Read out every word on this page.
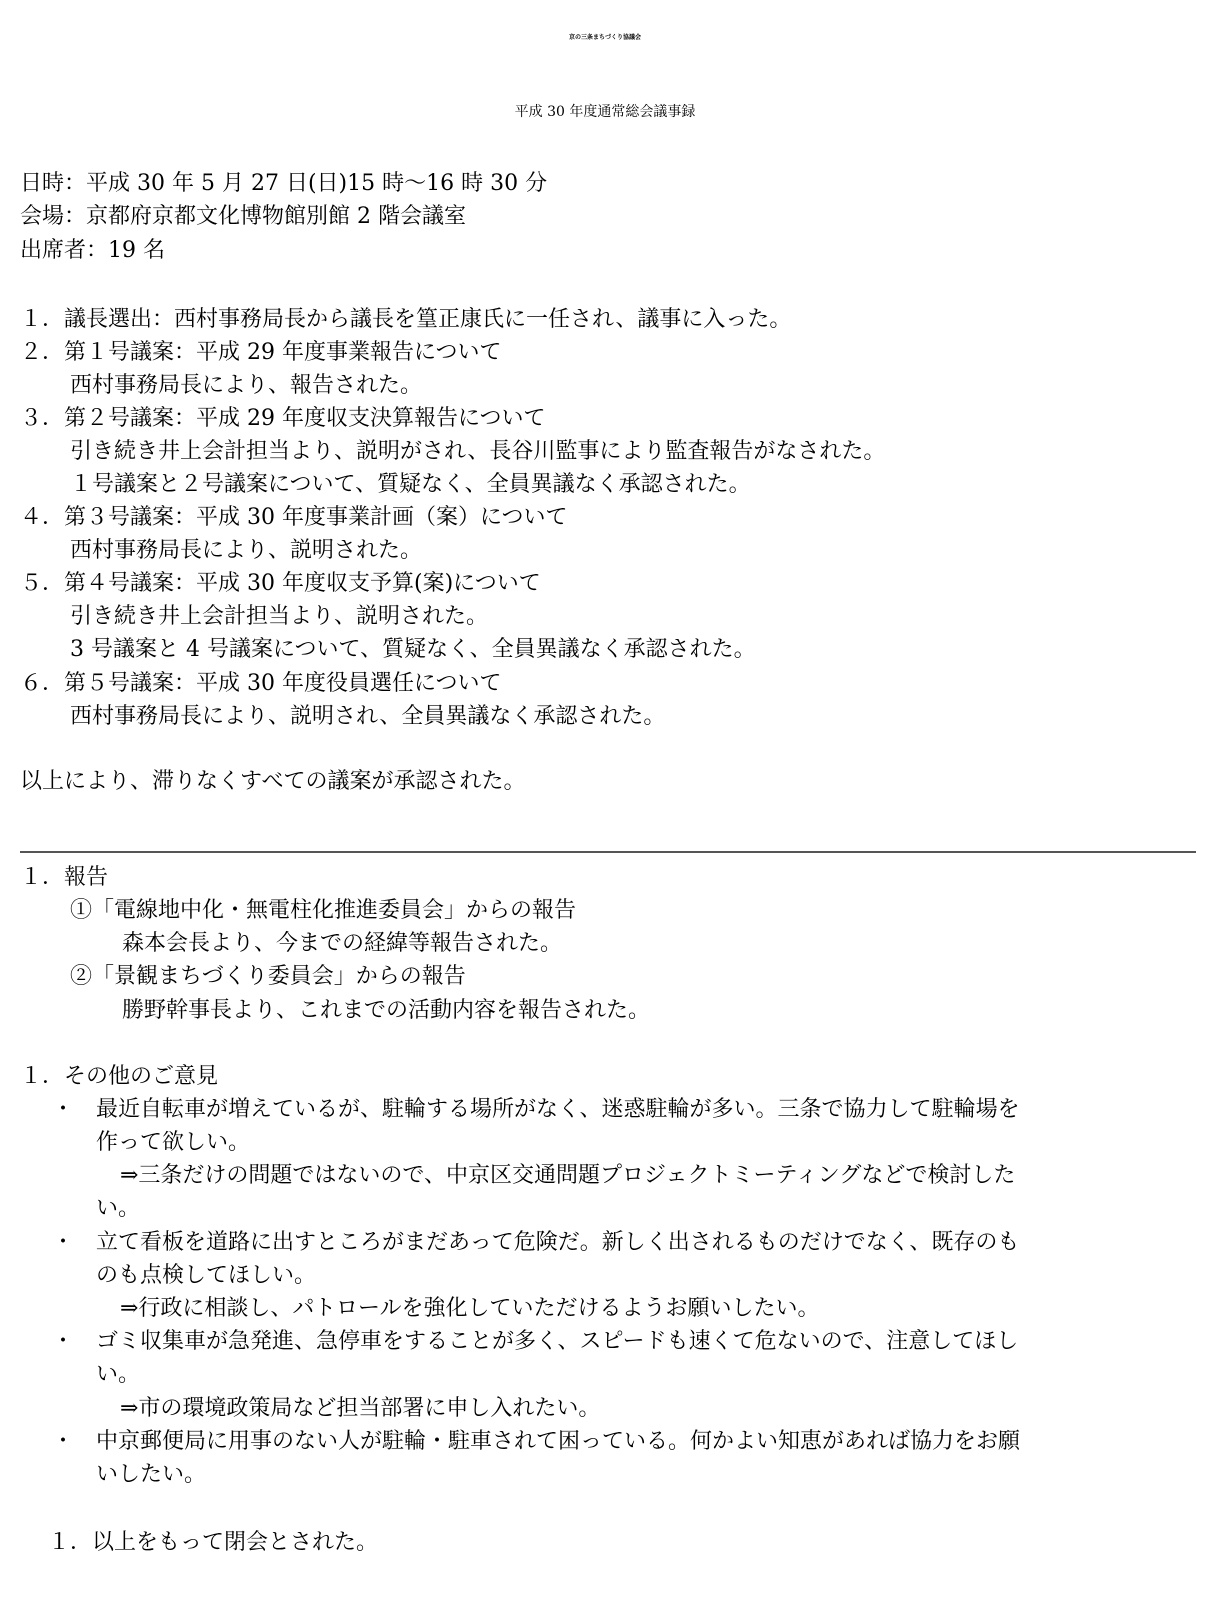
京の三条まちづくり協議会
平成 30 年度通常総会議事録
日時：平成 30 年 5 月 27 日(日)15 時～16 時 30 分
会場：京都府京都文化博物館別館 2 階会議室
出席者：19 名
１．議長選出：西村事務局長から議長を篁正康氏に一任され、議事に入った。
２．第１号議案：平成 29 年度事業報告について
西村事務局長により、報告された。
３．第２号議案：平成 29 年度収支決算報告について
引き続き井上会計担当より、説明がされ、長谷川監事により監査報告がなされた。
１号議案と２号議案について、質疑なく、全員異議なく承認された。
４．第３号議案：平成 30 年度事業計画（案）について
西村事務局長により、説明された。
５．第４号議案：平成 30 年度収支予算(案)について
引き続き井上会計担当より、説明された。
3 号議案と 4 号議案について、質疑なく、全員異議なく承認された。
６．第５号議案：平成 30 年度役員選任について
西村事務局長により、説明され、全員異議なく承認された。
以上により、滞りなくすべての議案が承認された。
１．報告
①「電線地中化・無電柱化推進委員会」からの報告
森本会長より、今までの経緯等報告された。
②「景観まちづくり委員会」からの報告
勝野幹事長より、これまでの活動内容を報告された。
１．その他のご意見
・ 最近自転車が増えているが、駐輪する場所がなく、迷惑駐輪が多い。三条で協力して駐輪場を
作って欲しい。
⇒三条だけの問題ではないので、中京区交通問題プロジェクトミーティングなどで検討した
い。
・ 立て看板を道路に出すところがまだあって危険だ。新しく出されるものだけでなく、既存のも
のも点検してほしい。
⇒行政に相談し、パトロールを強化していただけるようお願いしたい。
・ ゴミ収集車が急発進、急停車をすることが多く、スピードも速くて危ないので、注意してほし
い。
⇒市の環境政策局など担当部署に申し入れたい。
・ 中京郵便局に用事のない人が駐輪・駐車されて困っている。何かよい知恵があれば協力をお願
いしたい。
１．以上をもって閉会とされた。
